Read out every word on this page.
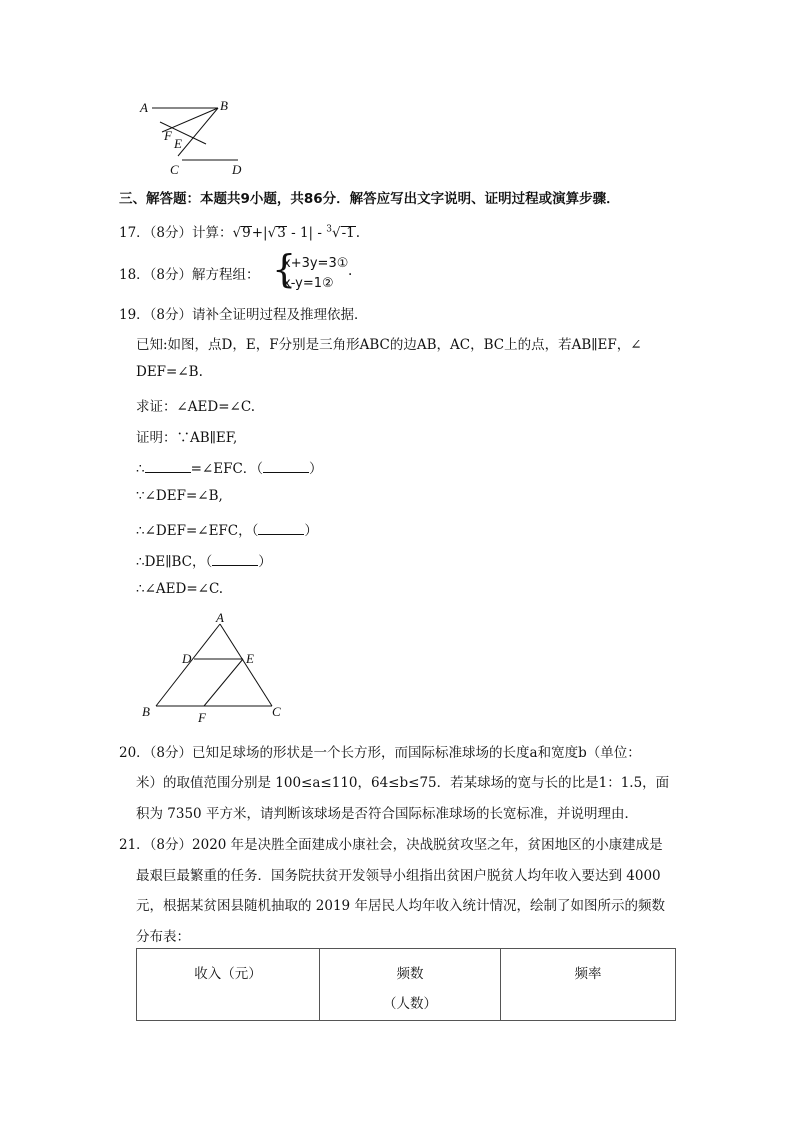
A	B
F
E
C	D
三、解答题：本题共9小题，共86分．解答应写出文字说明、证明过程或演算步骤．
17．（8分）计算：√9+|√3 - 1| - $^3$√-1.
18．（8分）解方程组： {
x+3y=3①
x-y=1②
.
19．（8分）请补全证明过程及推理依据．
已知:如图，点D，E，F分别是三角形ABC的边AB，AC，BC上的点，若AB∥EF，∠
DEF=∠B.
求证：∠AED=∠C.
证明：∵AB∥EF,
∴	=∠EFC．（	）
∵∠DEF=∠B,
∴∠DEF=∠EFC，（	）
∴DE∥BC，（	）
∴∠AED=∠C.
A
D	E
B	F	C
20．（8分）已知足球场的形状是一个长方形，而国际标准球场的长度a和宽度b（单位：
米）的取值范围分别是 100≤a≤110，64≤b≤75．若某球场的宽与长的比是1：1.5，面
积为 7350 平方米，请判断该球场是否符合国际标准球场的长宽标准，并说明理由．
21．（8分）2020 年是决胜全面建成小康社会，决战脱贫攻坚之年，贫困地区的小康建成是
最艰巨最繁重的任务．国务院扶贫开发领导小组指出贫困户脱贫人均年收入要达到 4000
元，根据某贫困县随机抽取的 2019 年居民人均年收入统计情况，绘制了如图所示的频数
分布表：
收入（元）	频数
（人数）
	频率
